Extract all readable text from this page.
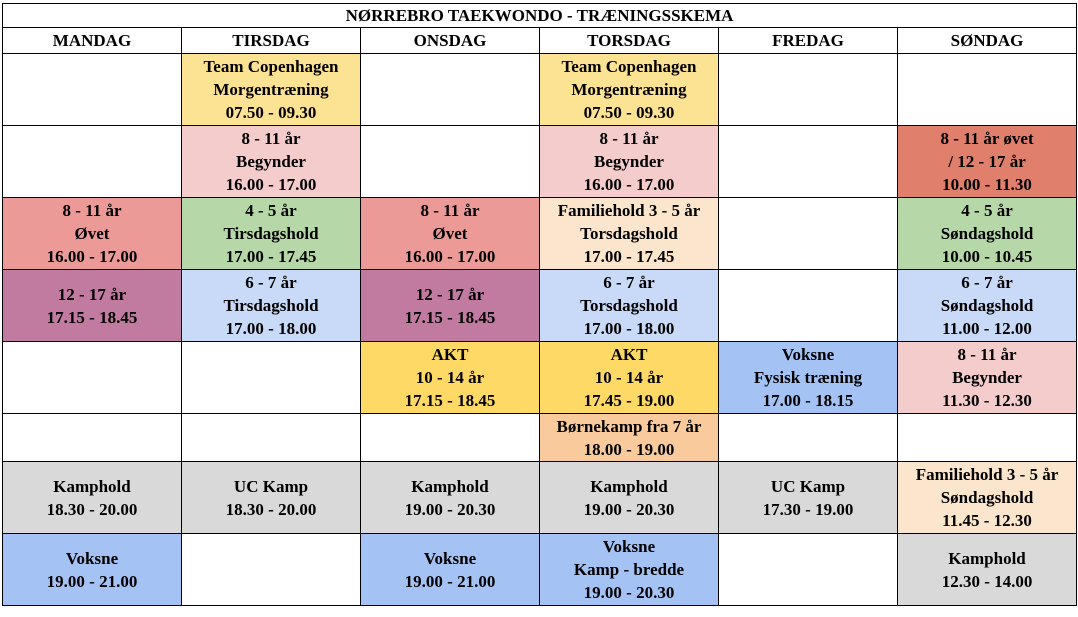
NØRREBRO TAEKWONDO - TRÆNINGSSKEMA					
MANDAG	TIRSDAG	ONSDAG	TORSDAG	FREDAG	SØNDAG

	Team Copenhagen
Morgentræning
07.50 - 09.30		Team Copenhagen
Morgentræning
07.50 - 09.30		

	8 - 11 år
Begynder
16.00 - 17.00		8 - 11 år
Begynder
16.00 - 17.00		8 - 11 år øvet
/ 12 - 17 år
10.00 - 11.30

8 - 11 år
Øvet
16.00 - 17.00	4 - 5 år
Tirsdagshold
17.00 - 17.45	8 - 11 år
Øvet
16.00 - 17.00	Familiehold 3 - 5 år
Torsdagshold
17.00 - 17.45		4 - 5 år
Søndagshold
10.00 - 10.45

12 - 17 år
17.15 - 18.45	6 - 7 år
Tirsdagshold
17.00 - 18.00	12 - 17 år
17.15 - 18.45	6 - 7 år
Torsdagshold
17.00 - 18.00		6 - 7 år
Søndagshold
11.00 - 12.00

		AKT
10 - 14 år
17.15 - 18.45	AKT
10 - 14 år
17.45 - 19.00	Voksne
Fysisk træning
17.00 - 18.15	8 - 11 år
Begynder
11.30 - 12.30

			Børnekamp fra 7 år
18.00 - 19.00		

Kamphold
18.30 - 20.00	UC Kamp
18.30 - 20.00	Kamphold
19.00 - 20.30	Kamphold
19.00 - 20.30	UC Kamp
17.30 - 19.00	Familiehold 3 - 5 år
Søndagshold
11.45 - 12.30

Voksne
19.00 - 21.00		Voksne
19.00 - 21.00	Voksne
Kamp - bredde
19.00 - 20.30		Kamphold
12.30 - 14.00
